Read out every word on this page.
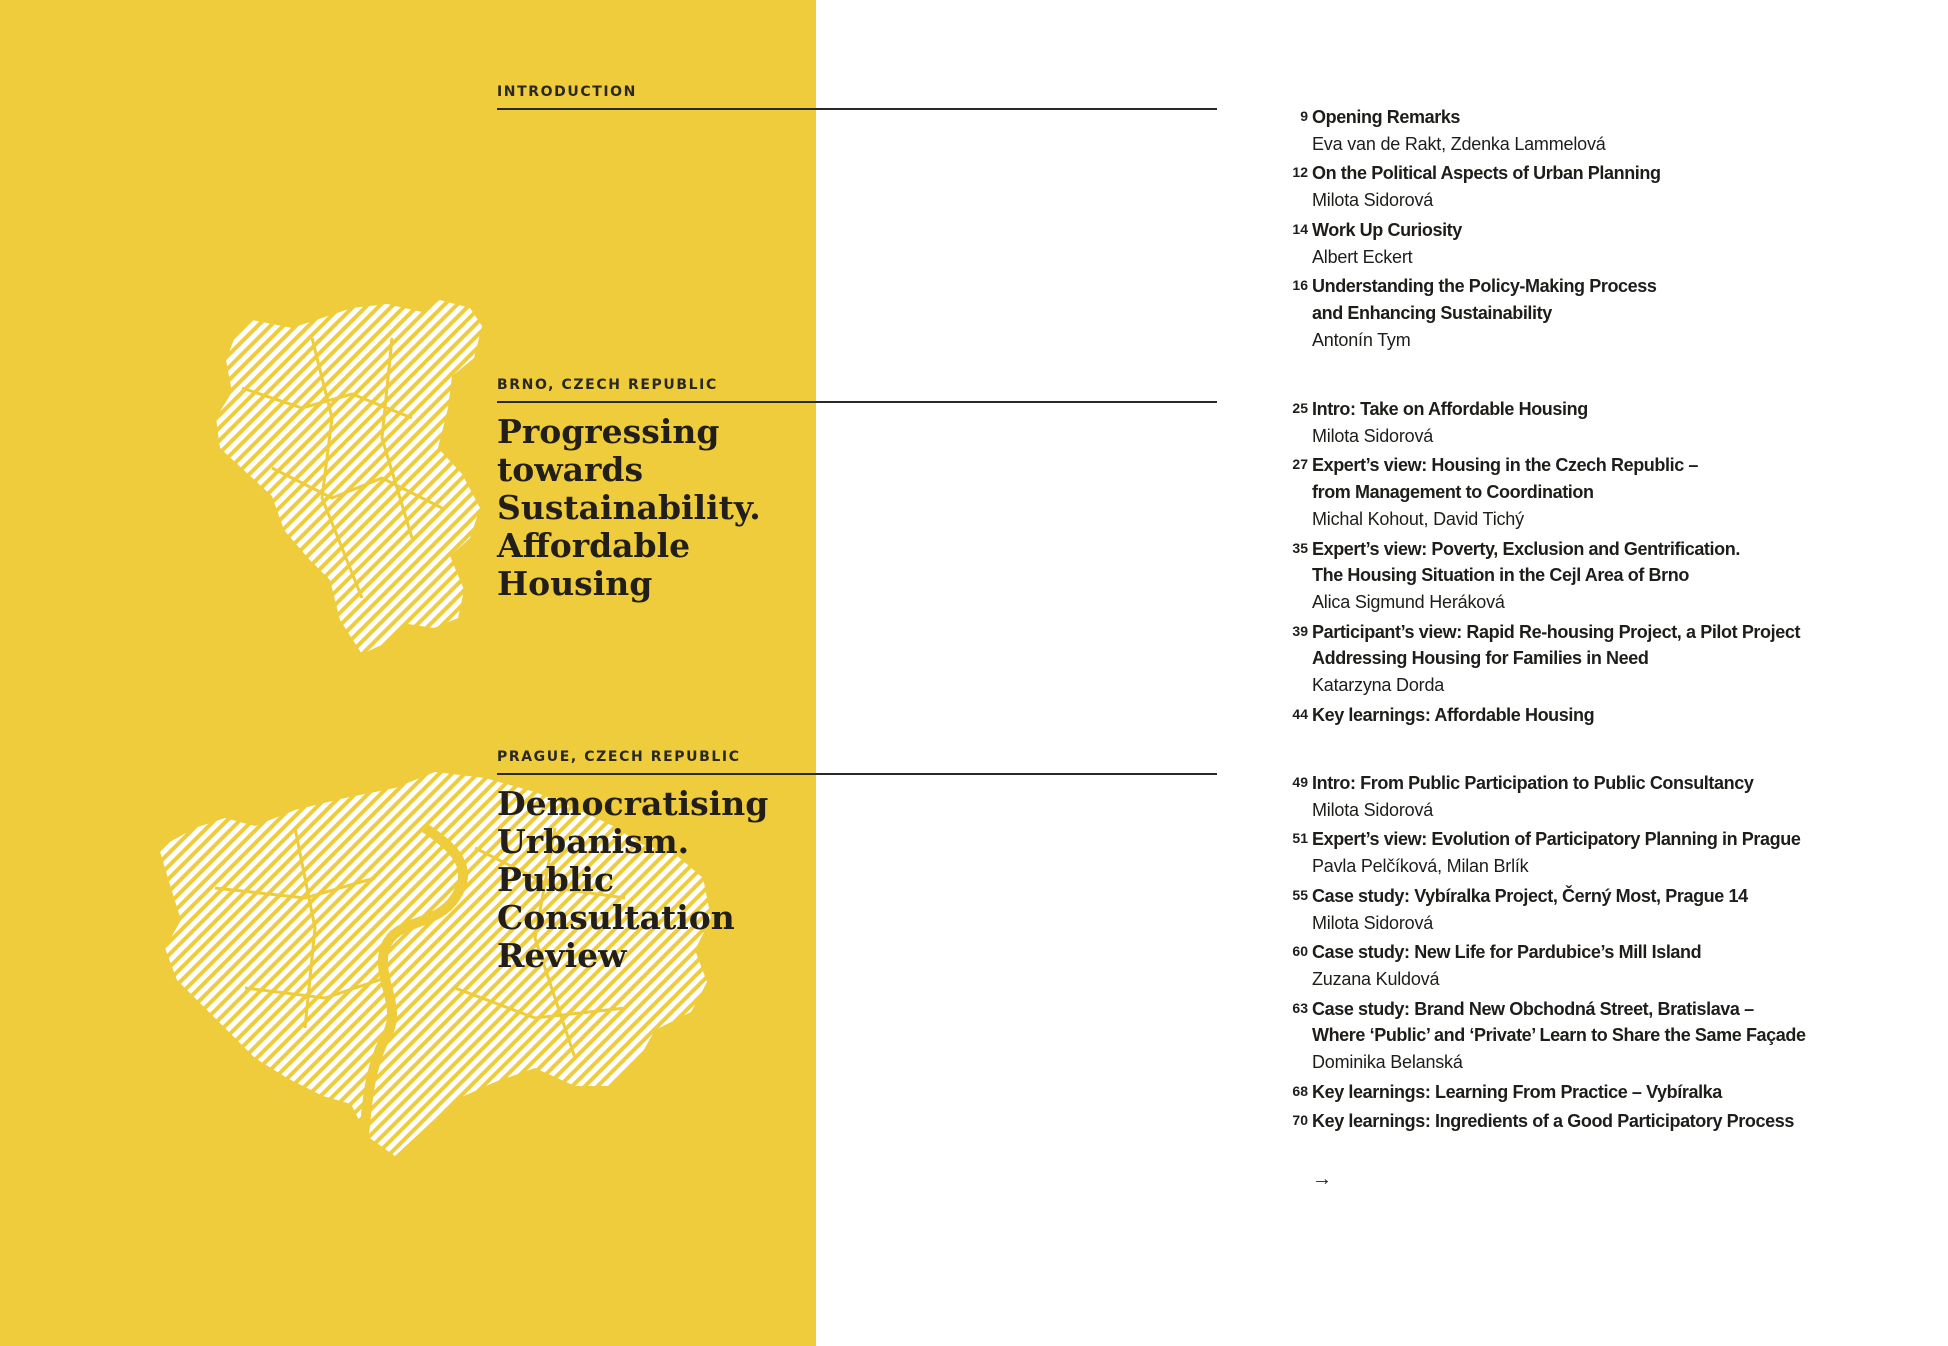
INTRODUCTION
BRNO, CZECH REPUBLIC
Progressing
towards
Sustainability.
Affordable
Housing
PRAGUE, CZECH REPUBLIC
Democratising
Urbanism.
Public
Consultation
Review
9 Opening Remarks
Eva van de Rakt, Zdenka Lammelová
12 On the Political Aspects of Urban Planning
Milota Sidorová
14 Work Up Curiosity
Albert Eckert
16 Understanding the Policy-Making Process
and Enhancing Sustainability
Antonín Tym
25 Intro: Take on Affordable Housing
Milota Sidorová
27 Expert’s view: Housing in the Czech Republic –
from Management to Coordination
Michal Kohout, David Tichý
35 Expert’s view: Poverty, Exclusion and Gentrification.
The Housing Situation in the Cejl Area of Brno
Alica Sigmund Heráková
39 Participant’s view: Rapid Re-housing Project, a Pilot Project
Addressing Housing for Families in Need
Katarzyna Dorda
44 Key learnings: Affordable Housing
49 Intro: From Public Participation to Public Consultancy
Milota Sidorová
51 Expert’s view: Evolution of Participatory Planning in Prague
Pavla Pelčíková, Milan Brlík
55 Case study: Vybíralka Project, Černý Most, Prague 14
Milota Sidorová
60 Case study: New Life for Pardubice’s Mill Island
Zuzana Kuldová
63 Case study: Brand New Obchodná Street, Bratislava –
Where ‘Public’ and ‘Private’ Learn to Share the Same Façade
Dominika Belanská
68 Key learnings: Learning From Practice – Vybíralka
70 Key learnings: Ingredients of a Good Participatory Process
→
